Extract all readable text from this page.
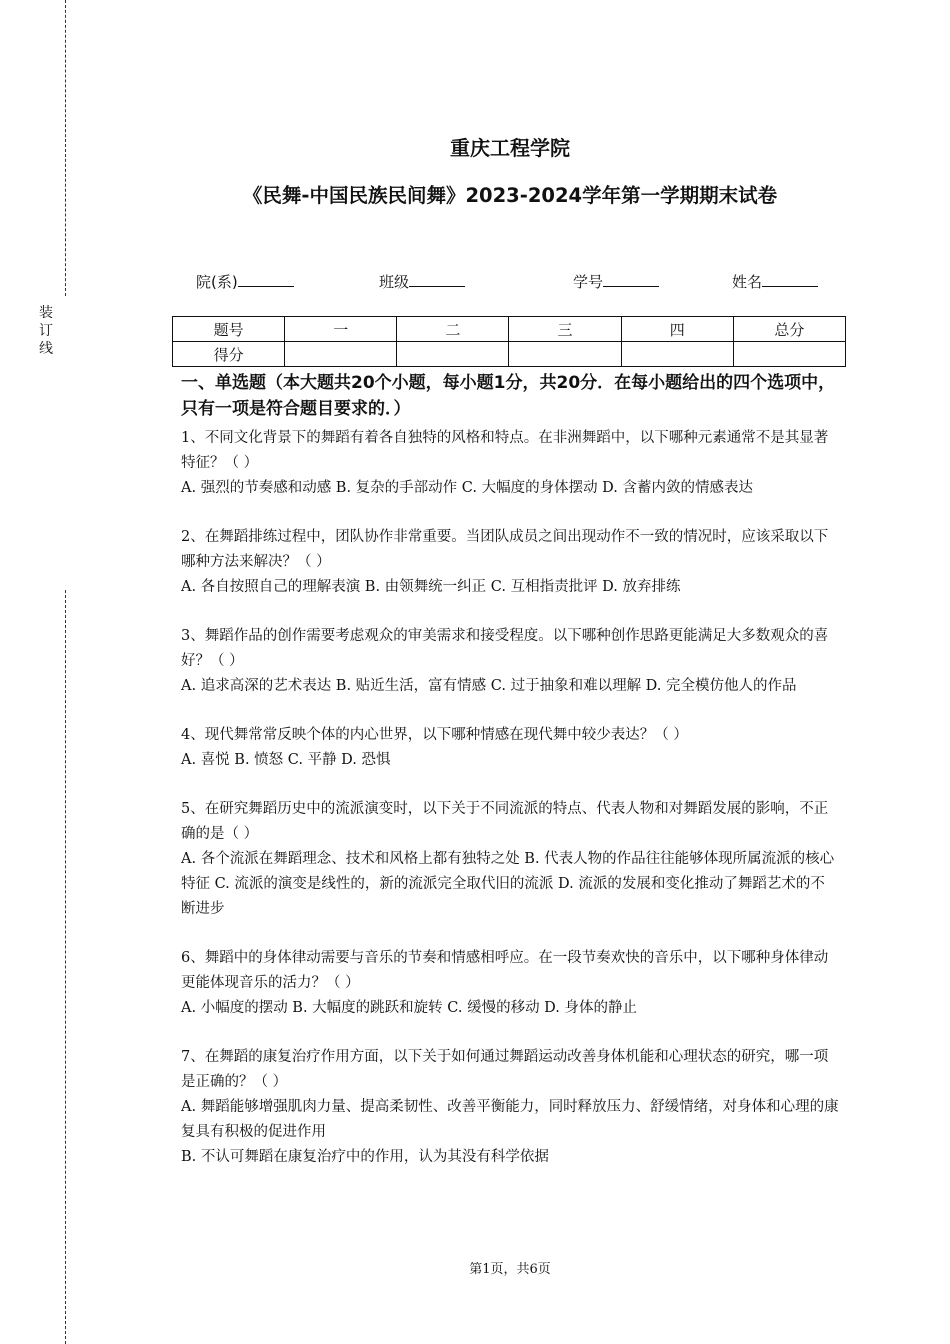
装
订
线
重庆工程学院
《民舞-中国民族民间舞》2023-2024学年第一学期期末试卷
院(系)	班级	学号	姓名
题号	一	二	三	四	总分
得分					
一、单选题（本大题共20个小题，每小题1分，共20分．在每小题给出的四个选项中，只有一项是符合题目要求的．）

1、不同文化背景下的舞蹈有着各自独特的风格和特点。在非洲舞蹈中，以下哪种元素通常不是其显著特征？（ ）

A. 强烈的节奏感和动感 B. 复杂的手部动作 C. 大幅度的身体摆动 D. 含蓄内敛的情感表达

2、在舞蹈排练过程中，团队协作非常重要。当团队成员之间出现动作不一致的情况时，应该采取以下哪种方法来解决？（ ）

A. 各自按照自己的理解表演 B. 由领舞统一纠正 C. 互相指责批评 D. 放弃排练

3、舞蹈作品的创作需要考虑观众的审美需求和接受程度。以下哪种创作思路更能满足大多数观众的喜好？（ ）

A. 追求高深的艺术表达 B. 贴近生活，富有情感 C. 过于抽象和难以理解 D. 完全模仿他人的作品

4、现代舞常常反映个体的内心世界，以下哪种情感在现代舞中较少表达？（ ）

A. 喜悦 B. 愤怒 C. 平静 D. 恐惧

5、在研究舞蹈历史中的流派演变时，以下关于不同流派的特点、代表人物和对舞蹈发展的影响，不正确的是（ ）

A. 各个流派在舞蹈理念、技术和风格上都有独特之处 B. 代表人物的作品往往能够体现所属流派的核心特征 C. 流派的演变是线性的，新的流派完全取代旧的流派 D. 流派的发展和变化推动了舞蹈艺术的不断进步

6、舞蹈中的身体律动需要与音乐的节奏和情感相呼应。在一段节奏欢快的音乐中，以下哪种身体律动更能体现音乐的活力？（ ）

A. 小幅度的摆动 B. 大幅度的跳跃和旋转 C. 缓慢的移动 D. 身体的静止

7、在舞蹈的康复治疗作用方面，以下关于如何通过舞蹈运动改善身体机能和心理状态的研究，哪一项是正确的？（ ）

A. 舞蹈能够增强肌肉力量、提高柔韧性、改善平衡能力，同时释放压力、舒缓情绪，对身体和心理的康复具有积极的促进作用

B. 不认可舞蹈在康复治疗中的作用，认为其没有科学依据

第1页，共6页
